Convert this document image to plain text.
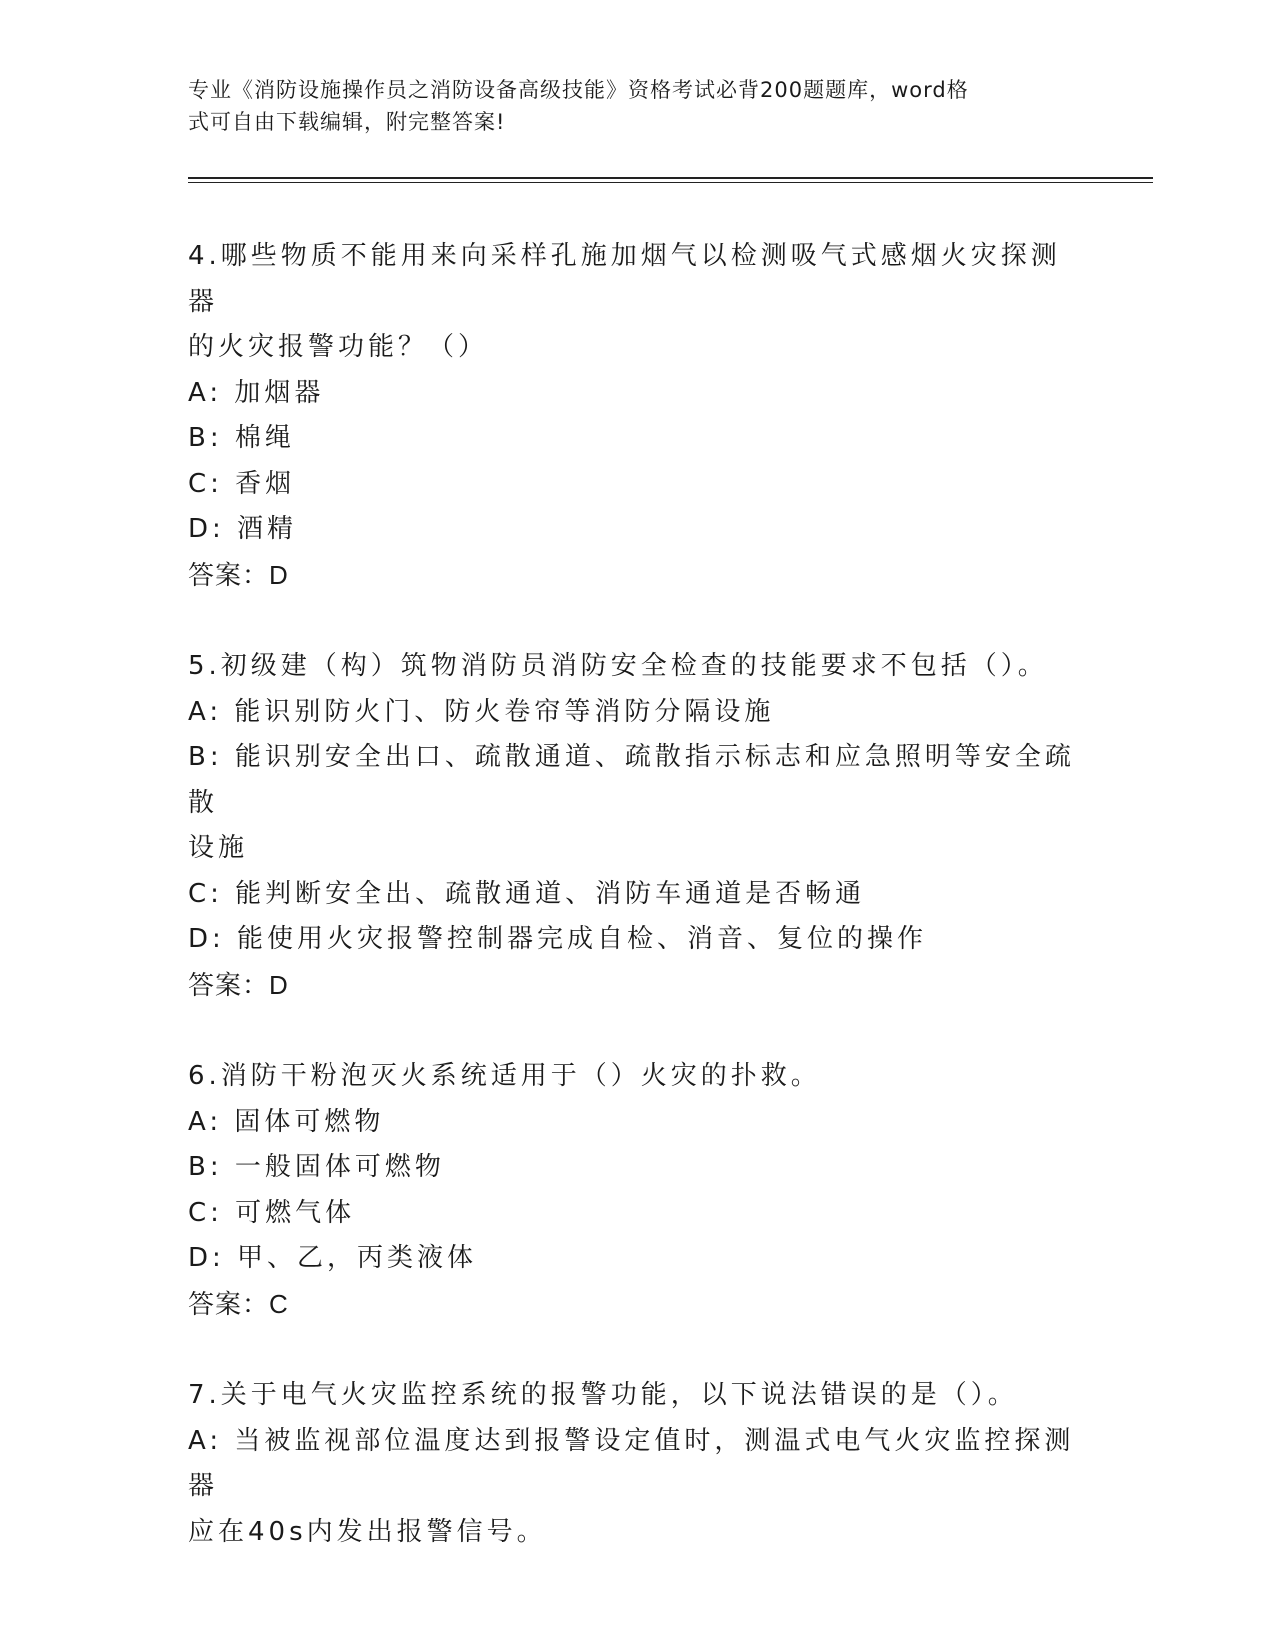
专业《消防设施操作员之消防设备高级技能》资格考试必背200题题库，word格
式可自由下载编辑，附完整答案!
4.哪些物质不能用来向采样孔施加烟气以检测吸气式感烟火灾探测器
的火灾报警功能？（）
A: 加烟器
B: 棉绳
C: 香烟
D: 酒精
答案：D
5.初级建（构）筑物消防员消防安全检查的技能要求不包括（）。
A: 能识别防火门、防火卷帘等消防分隔设施
B: 能识别安全出口、疏散通道、疏散指示标志和应急照明等安全疏散
设施
C: 能判断安全出、疏散通道、消防车通道是否畅通
D: 能使用火灾报警控制器完成自检、消音、复位的操作
答案：D
6.消防干粉泡灭火系统适用于（）火灾的扑救。
A: 固体可燃物
B: 一般固体可燃物
C: 可燃气体
D: 甲、乙，丙类液体
答案：C
7.关于电气火灾监控系统的报警功能，以下说法错误的是（）。
A: 当被监视部位温度达到报警设定值时，测温式电气火灾监控探测器
应在40s内发出报警信号。
